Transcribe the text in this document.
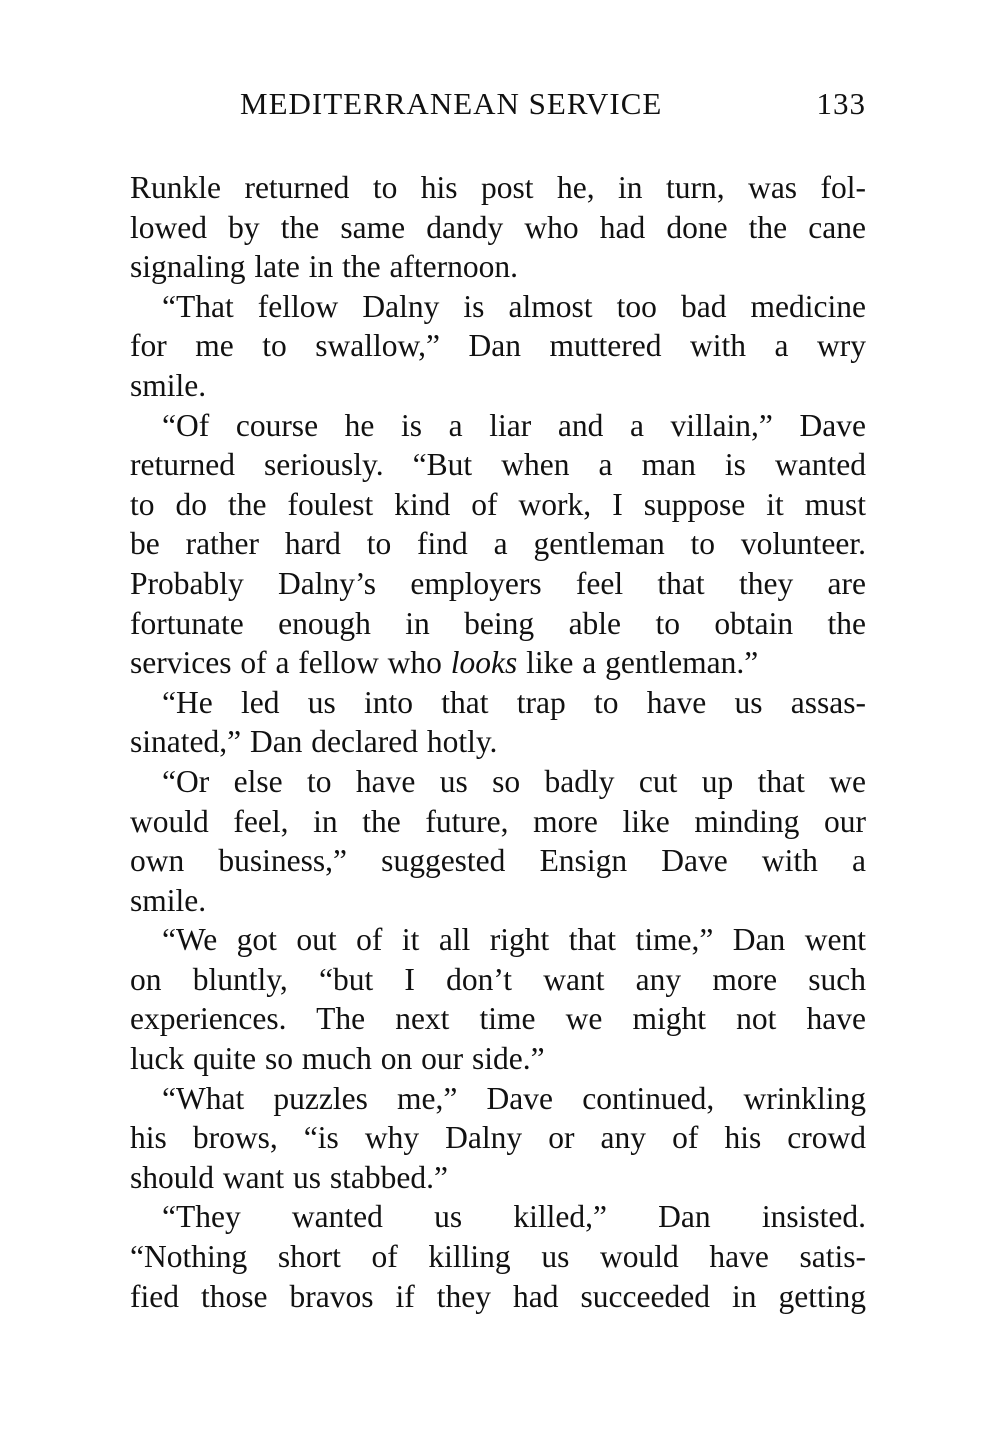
MEDITERRANEAN SERVICE	133

Runkle returned to his post he, in turn, was fol-
lowed by the same dandy who had done the cane
signaling late in the afternoon.

“That fellow Dalny is almost too bad medicine
for me to swallow,” Dan muttered with a wry
smile.

“Of course he is a liar and a villain,” Dave
returned seriously. “But when a man is wanted
to do the foulest kind of work, I suppose it must
be rather hard to find a gentleman to volunteer.
Probably Dalny’s employers feel that they are
fortunate enough in being able to obtain the
services of a fellow who looks like a gentleman.”

“He led us into that trap to have us assas-
sinated,” Dan declared hotly.

“Or else to have us so badly cut up that we
would feel, in the future, more like minding our
own business,” suggested Ensign Dave with a
smile.

“We got out of it all right that time,” Dan went
on bluntly, “but I don’t want any more such
experiences. The next time we might not have
luck quite so much on our side.”

“What puzzles me,” Dave continued, wrinkling
his brows, “is why Dalny or any of his crowd
should want us stabbed.”

“They wanted us killed,” Dan insisted.
“Nothing short of killing us would have satis-
fied those bravos if they had succeeded in getting
